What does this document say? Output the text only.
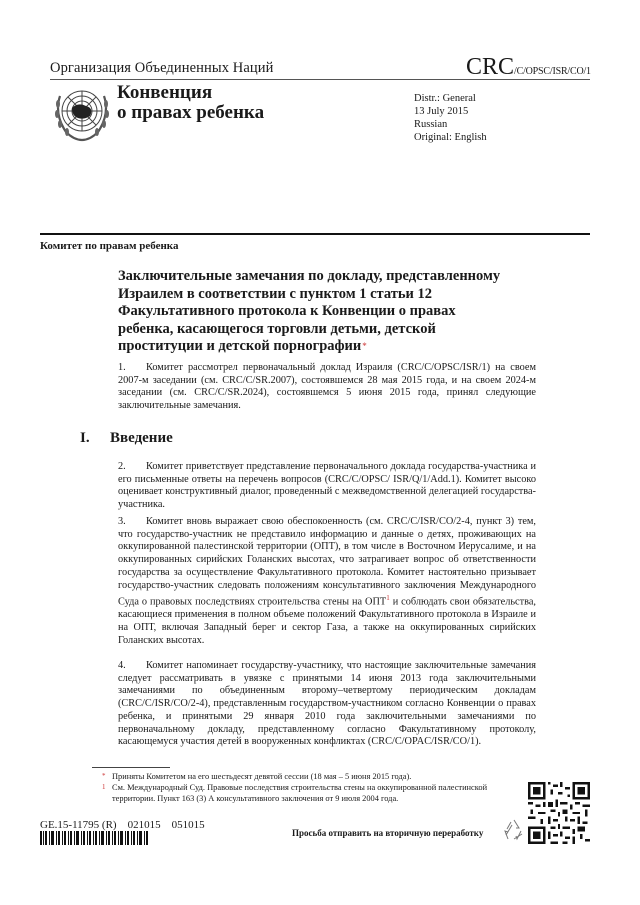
Организация Объединенных Наций	CRC/C/OPSC/ISR/CO/1
Конвенция
о правах ребенка
Distr.: General
13 July 2015
Russian
Original: English
Комитет по правам ребенка
Заключительные замечания по докладу, представленному
Израилем в соответствии с пунктом 1 статьи 12
Факультативного протокола к Конвенции о правах
ребенка, касающегося торговли детьми, детской
проституции и детской порнографии*
1. Комитет рассмотрел первоначальный доклад Израиля (CRC/C/OPSC/ISR/1) на своем 2007-м заседании (см. CRC/C/SR.2007), состоявшемся 28 мая 2015 года, и на своем 2024-м заседании (см. CRC/C/SR.2024), состоявшемся 5 июня 2015 года, принял следующие заключительные замечания.
I. Введение
2. Комитет приветствует представление первоначального доклада государства-участника и его письменные ответы на перечень вопросов (CRC/C/OPSC/ ISR/Q/1/Add.1). Комитет высоко оценивает конструктивный диалог, проведенный с межведомственной делегацией государства-участника.
3. Комитет вновь выражает свою обеспокоенность (см. CRC/C/ISR/CO/2-4, пункт 3) тем, что государство-участник не представило информацию и данные о детях, проживающих на оккупированной палестинской территории (ОПТ), в том числе в Восточном Иерусалиме, и на оккупированных сирийских Голанских высотах, что затрагивает вопрос об ответственности государства за осуществление Факультативного протокола. Комитет настоятельно призывает государство-участник следовать положениям консультативного заключения Международного Суда о правовых последствиях строительства стены на ОПТ$^1$ и соблюдать свои обязательства, касающиеся применения в полном объеме положений Факультативного протокола в Израиле и на ОПТ, включая Западный берег и сектор Газа, а также на оккупированных сирийских Голанских высотах.
4. Комитет напоминает государству-участнику, что настоящие заключительные замечания следует рассматривать в увязке с принятыми 14 июня 2013 года заключительными замечаниями по объединенным второму–четвертому периодическим докладам (CRC/C/ISR/CO/2-4), представленным государством-участником согласно Конвенции о правах ребенка, и принятыми 29 января 2010 года заключительными замечаниями по первоначальному докладу, представленному согласно Факультативному протоколу, касающемуся участия детей в вооруженных конфликтах (CRC/C/OPAC/ISR/CO/1).
* Приняты Комитетом на его шестьдесят девятой сессии (18 мая – 5 июня 2015 года).
1 См. Международный Суд. Правовые последствия строительства стены на оккупированной палестинской территории. Пункт 163 (3) А консультативного заключения от 9 июля 2004 года.
GE.15-11795 (R)    021015    051015
Просьба отправить на вторичную переработку
